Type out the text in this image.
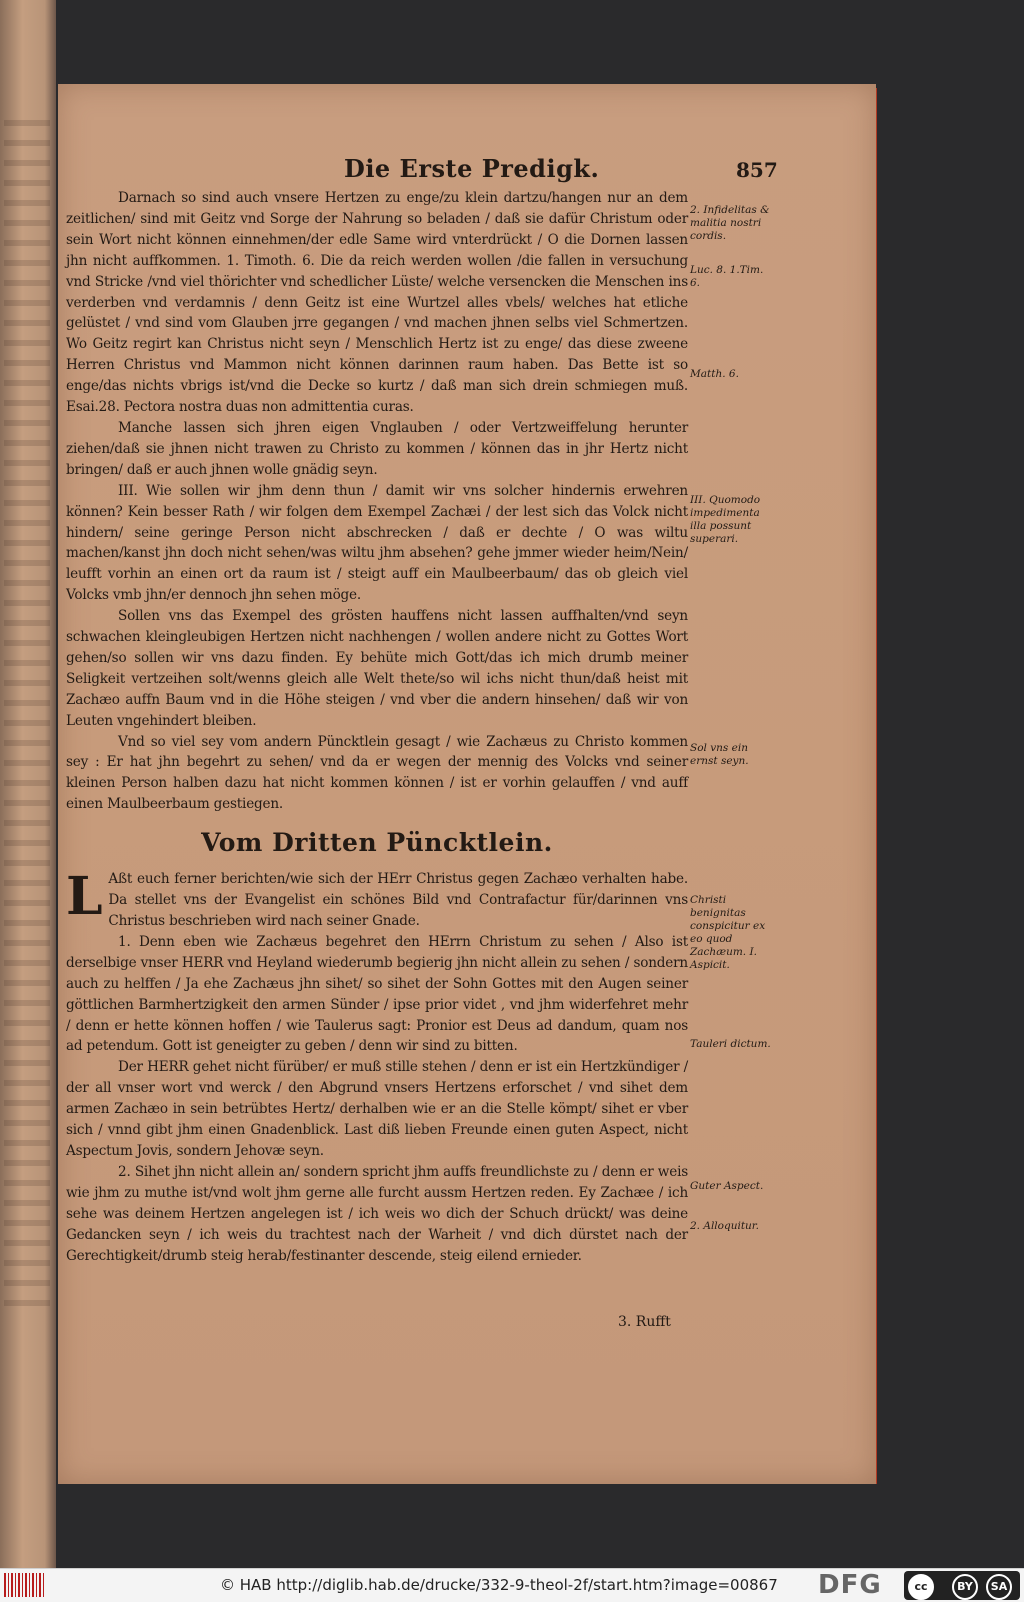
Die Erste Predigk.	857

Darnach so sind auch vnsere Hertzen zu enge/zu klein dartzu/hangen nur an dem zeitlichen/ sind mit Geitz vnd Sorge der Nahrung so beladen / daß sie dafür Christum oder sein Wort nicht können einnehmen/der edle Same wird vnterdrückt / O die Dornen lassen jhn nicht auffkommen. 1. Timoth. 6. Die da reich werden wollen /die fallen in versuchung vnd Stricke /vnd viel thörichter vnd schedlicher Lüste/ welche versencken die Menschen ins verderben vnd verdamnis / denn Geitz ist eine Wurtzel alles vbels/ welches hat etliche gelüstet / vnd sind vom Glauben jrre gegangen / vnd machen jhnen selbs viel Schmertzen. Wo Geitz regirt kan Christus nicht seyn / Menschlich Hertz ist zu enge/ das diese zweene Herren Christus vnd Mammon nicht können darinnen raum haben. Das Bette ist so enge/das nichts vbrigs ist/vnd die Decke so kurtz / daß man sich drein schmiegen muß. Esai.28. Pectora nostra duas non admittentia curas.

Manche lassen sich jhren eigen Vnglauben / oder Vertzweiffelung herunter ziehen/daß sie jhnen nicht trawen zu Christo zu kommen / können das in jhr Hertz nicht bringen/ daß er auch jhnen wolle gnädig seyn.

III. Wie sollen wir jhm denn thun / damit wir vns solcher hindernis erwehren können? Kein besser Rath / wir folgen dem Exempel Zachæi / der lest sich das Volck nicht hindern/ seine geringe Person nicht abschrecken / daß er dechte / O was wiltu machen/kanst jhn doch nicht sehen/was wiltu jhm absehen? gehe jmmer wieder heim/Nein/ leufft vorhin an einen ort da raum ist / steigt auff ein Maulbeerbaum/ das ob gleich viel Volcks vmb jhn/er dennoch jhn sehen möge.

Sollen vns das Exempel des grösten hauffens nicht lassen auffhalten/vnd seyn schwachen kleingleubigen Hertzen nicht nachhengen / wollen andere nicht zu Gottes Wort gehen/so sollen wir vns dazu finden. Ey behüte mich Gott/das ich mich drumb meiner Seligkeit vertzeihen solt/wenns gleich alle Welt thete/so wil ichs nicht thun/daß heist mit Zachæo auffn Baum vnd in die Höhe steigen / vnd vber die andern hinsehen/ daß wir von Leuten vngehindert bleiben.

Vnd so viel sey vom andern Püncktlein gesagt / wie Zachæus zu Christo kommen sey : Er hat jhn begehrt zu sehen/ vnd da er wegen der mennig des Volcks vnd seiner kleinen Person halben dazu hat nicht kommen können / ist er vorhin gelauffen / vnd auff einen Maulbeerbaum gestiegen.

Vom Dritten Püncktlein.

L Aßt euch ferner berichten/wie sich der HErr Christus gegen Zachæo verhalten habe. Da stellet vns der Evangelist ein schönes Bild vnd Contrafactur für/darinnen vns Christus beschrieben wird nach seiner Gnade.

1. Denn eben wie Zachæus begehret den HErrn Christum zu sehen / Also ist derselbige vnser HERR vnd Heyland wiederumb begierig jhn nicht allein zu sehen / sondern auch zu helffen / Ja ehe Zachæus jhn sihet/ so sihet der Sohn Gottes mit den Augen seiner göttlichen Barmhertzigkeit den armen Sünder / ipse prior videt , vnd jhm widerfehret mehr / denn er hette können hoffen / wie Taulerus sagt: Pronior est Deus ad dandum, quam nos ad petendum. Gott ist geneigter zu geben / denn wir sind zu bitten.

Der HERR gehet nicht fürüber/ er muß stille stehen / denn er ist ein Hertzkündiger / der all vnser wort vnd werck / den Abgrund vnsers Hertzens erforschet / vnd sihet dem armen Zachæo in sein betrübtes Hertz/ derhalben wie er an die Stelle kömpt/ sihet er vber sich / vnnd gibt jhm einen Gnadenblick. Last diß lieben Freunde einen guten Aspect, nicht Aspectum Jovis, sondern Jehovæ seyn.

2. Sihet jhn nicht allein an/ sondern spricht jhm auffs freundlichste zu / denn er weis wie jhm zu muthe ist/vnd wolt jhm gerne alle furcht aussm Hertzen reden. Ey Zachæe / ich sehe was deinem Hertzen angelegen ist / ich weis wo dich der Schuch drückt/ was deine Gedancken seyn / ich weis du trachtest nach der Warheit / vnd dich dürstet nach der Gerechtigkeit/drumb steig herab/festinanter descende, steig eilend ernieder.

2. Infidelitas & malitia nostri cordis.
Luc. 8. 1.Tim. 6.
Matth. 6.
III. Quomodo impedimenta illa possunt superari.
Sol vns ein ernst seyn.
Christi benignitas conspicitur ex eo quod Zachæum. I. Aspicit.
Tauleri dictum.
Guter Aspect.
2. Alloquitur.
3. Rufft
© HAB http://diglib.hab.de/drucke/332-9-theol-2f/start.htm?image=00867 DFG	cc	BY	SA
